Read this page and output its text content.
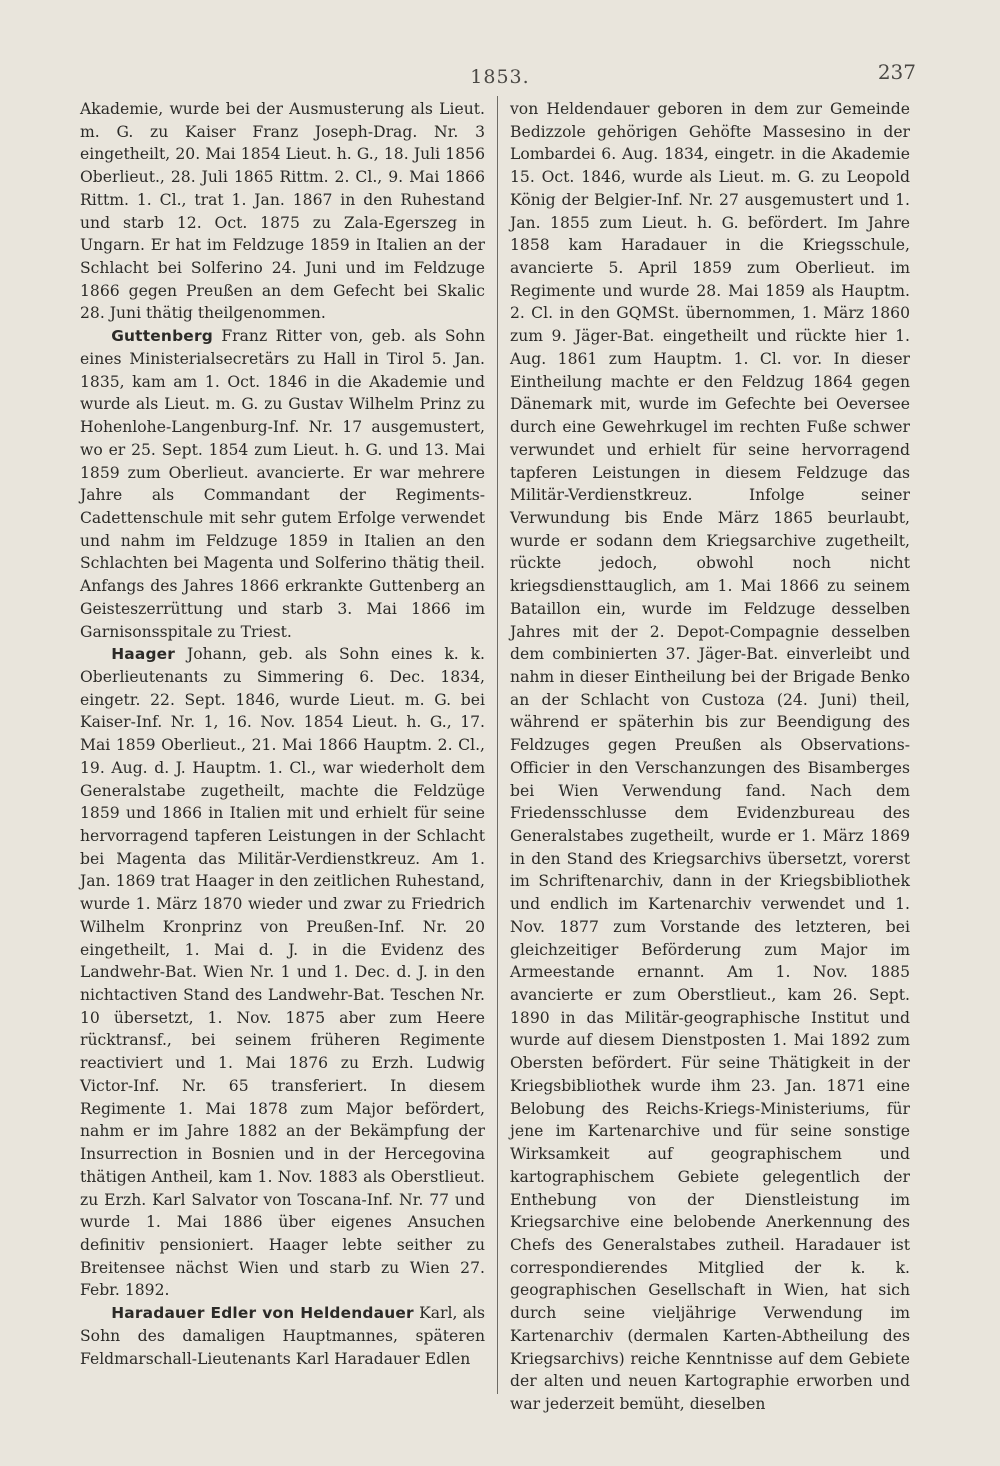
1853.	237

Akademie, wurde bei der Ausmusterung als Lieut. m. G. zu Kaiser Franz Joseph-Drag. Nr. 3 eingetheilt, 20. Mai 1854 Lieut. h. G., 18. Juli 1856 Oberlieut., 28. Juli 1865 Rittm. 2. Cl., 9. Mai 1866 Rittm. 1. Cl., trat 1. Jan. 1867 in den Ruhestand und starb 12. Oct. 1875 zu Zala-Egerszeg in Ungarn. Er hat im Feldzuge 1859 in Italien an der Schlacht bei Solferino 24. Juni und im Feldzuge 1866 gegen Preußen an dem Gefecht bei Skalic 28. Juni thätig theilgenommen.

Guttenberg Franz Ritter von, geb. als Sohn eines Ministerialsecretärs zu Hall in Tirol 5. Jan. 1835, kam am 1. Oct. 1846 in die Akademie und wurde als Lieut. m. G. zu Gustav Wilhelm Prinz zu Hohenlohe-Langenburg-Inf. Nr. 17 ausgemustert, wo er 25. Sept. 1854 zum Lieut. h. G. und 13. Mai 1859 zum Oberlieut. avancierte. Er war mehrere Jahre als Commandant der Regiments-Cadettenschule mit sehr gutem Erfolge verwendet und nahm im Feldzuge 1859 in Italien an den Schlachten bei Magenta und Solferino thätig theil. Anfangs des Jahres 1866 erkrankte Guttenberg an Geisteszerrüttung und starb 3. Mai 1866 im Garnisonsspitale zu Triest.

Haager Johann, geb. als Sohn eines k. k. Oberlieutenants zu Simmering 6. Dec. 1834, eingetr. 22. Sept. 1846, wurde Lieut. m. G. bei Kaiser-Inf. Nr. 1, 16. Nov. 1854 Lieut. h. G., 17. Mai 1859 Oberlieut., 21. Mai 1866 Hauptm. 2. Cl., 19. Aug. d. J. Hauptm. 1. Cl., war wiederholt dem Generalstabe zugetheilt, machte die Feldzüge 1859 und 1866 in Italien mit und erhielt für seine hervorragend tapferen Leistungen in der Schlacht bei Magenta das Militär-Verdienstkreuz. Am 1. Jan. 1869 trat Haager in den zeitlichen Ruhestand, wurde 1. März 1870 wieder und zwar zu Friedrich Wilhelm Kronprinz von Preußen-Inf. Nr. 20 eingetheilt, 1. Mai d. J. in die Evidenz des Landwehr-Bat. Wien Nr. 1 und 1. Dec. d. J. in den nichtactiven Stand des Landwehr-Bat. Teschen Nr. 10 übersetzt, 1. Nov. 1875 aber zum Heere rücktransf., bei seinem früheren Regimente reactiviert und 1. Mai 1876 zu Erzh. Ludwig Victor-Inf. Nr. 65 transferiert. In diesem Regimente 1. Mai 1878 zum Major befördert, nahm er im Jahre 1882 an der Bekämpfung der Insurrection in Bosnien und in der Hercegovina thätigen Antheil, kam 1. Nov. 1883 als Oberstlieut. zu Erzh. Karl Salvator von Toscana-Inf. Nr. 77 und wurde 1. Mai 1886 über eigenes Ansuchen definitiv pensioniert. Haager lebte seither zu Breitensee nächst Wien und starb zu Wien 27. Febr. 1892.

Haradauer Edler von Heldendauer Karl, als Sohn des damaligen Hauptmannes, späteren Feldmarschall-Lieutenants Karl Haradauer Edlen

von Heldendauer geboren in dem zur Gemeinde Bedizzole gehörigen Gehöfte Massesino in der Lombardei 6. Aug. 1834, eingetr. in die Akademie 15. Oct. 1846, wurde als Lieut. m. G. zu Leopold König der Belgier-Inf. Nr. 27 ausgemustert und 1. Jan. 1855 zum Lieut. h. G. befördert. Im Jahre 1858 kam Haradauer in die Kriegsschule, avancierte 5. April 1859 zum Oberlieut. im Regimente und wurde 28. Mai 1859 als Hauptm. 2. Cl. in den GQMSt. übernommen, 1. März 1860 zum 9. Jäger-Bat. eingetheilt und rückte hier 1. Aug. 1861 zum Hauptm. 1. Cl. vor. In dieser Eintheilung machte er den Feldzug 1864 gegen Dänemark mit, wurde im Gefechte bei Oeversee durch eine Gewehrkugel im rechten Fuße schwer verwundet und erhielt für seine hervorragend tapferen Leistungen in diesem Feldzuge das Militär-Verdienstkreuz. Infolge seiner Verwundung bis Ende März 1865 beurlaubt, wurde er sodann dem Kriegsarchive zugetheilt, rückte jedoch, obwohl noch nicht kriegsdiensttauglich, am 1. Mai 1866 zu seinem Bataillon ein, wurde im Feldzuge desselben Jahres mit der 2. Depot-Compagnie desselben dem combinierten 37. Jäger-Bat. einverleibt und nahm in dieser Eintheilung bei der Brigade Benko an der Schlacht von Custoza (24. Juni) theil, während er späterhin bis zur Beendigung des Feldzuges gegen Preußen als Observations-Officier in den Verschanzungen des Bisamberges bei Wien Verwendung fand. Nach dem Friedensschlusse dem Evidenzbureau des Generalstabes zugetheilt, wurde er 1. März 1869 in den Stand des Kriegsarchivs übersetzt, vorerst im Schriftenarchiv, dann in der Kriegsbibliothek und endlich im Kartenarchiv verwendet und 1. Nov. 1877 zum Vorstande des letzteren, bei gleichzeitiger Beförderung zum Major im Armeestande ernannt. Am 1. Nov. 1885 avancierte er zum Oberstlieut., kam 26. Sept. 1890 in das Militär-geographische Institut und wurde auf diesem Dienstposten 1. Mai 1892 zum Obersten befördert. Für seine Thätigkeit in der Kriegsbibliothek wurde ihm 23. Jan. 1871 eine Belobung des Reichs-Kriegs-Ministeriums, für jene im Kartenarchive und für seine sonstige Wirksamkeit auf geographischem und kartographischem Gebiete gelegentlich der Enthebung von der Dienstleistung im Kriegsarchive eine belobende Anerkennung des Chefs des Generalstabes zutheil. Haradauer ist correspondierendes Mitglied der k. k. geographischen Gesellschaft in Wien, hat sich durch seine vieljährige Verwendung im Kartenarchiv (dermalen Karten-Abtheilung des Kriegsarchivs) reiche Kenntnisse auf dem Gebiete der alten und neuen Kartographie erworben und war jederzeit bemüht, dieselben
